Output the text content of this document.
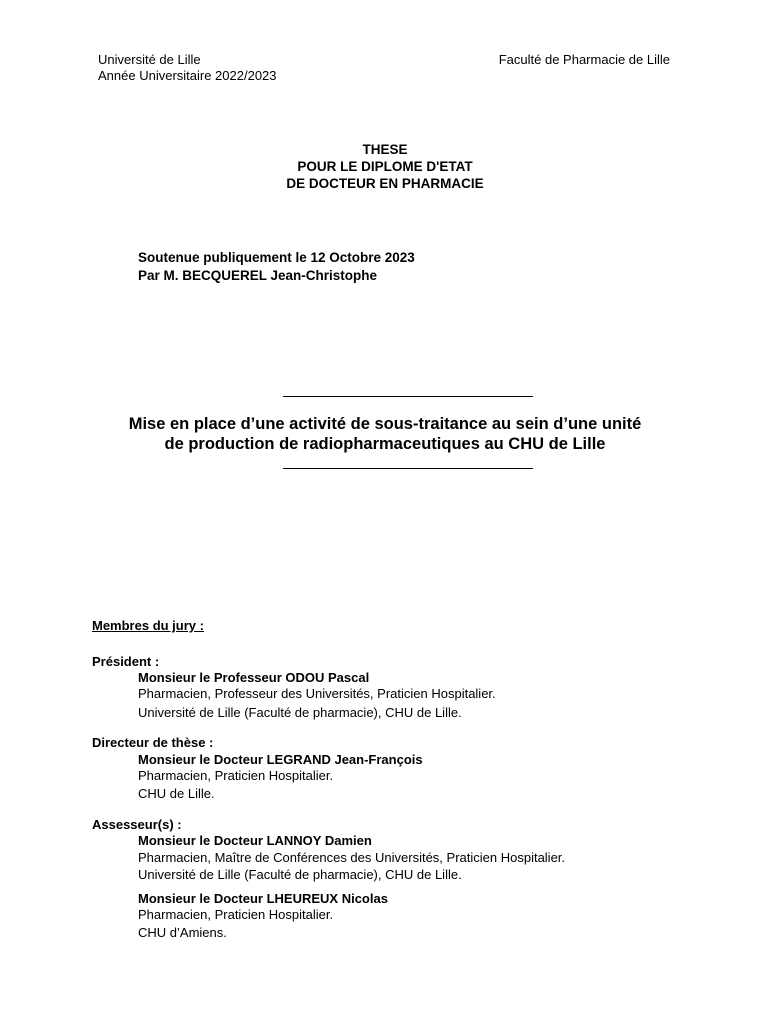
Université de Lille
Année Universitaire 2022/2023
Faculté de Pharmacie de Lille
THESE
POUR LE DIPLOME D'ETAT
DE DOCTEUR EN PHARMACIE
Soutenue publiquement le 12 Octobre 2023
Par M. BECQUEREL Jean-Christophe
Mise en place d’une activité de sous-traitance au sein d’une unité
de production de radiopharmaceutiques au CHU de Lille
Membres du jury :
Président :
Monsieur le Professeur ODOU Pascal
Pharmacien, Professeur des Universités, Praticien Hospitalier.
Université de Lille (Faculté de pharmacie), CHU de Lille.
Directeur de thèse :
Monsieur le Docteur LEGRAND Jean-François
Pharmacien, Praticien Hospitalier.
CHU de Lille.
Assesseur(s) :
Monsieur le Docteur LANNOY Damien
Pharmacien, Maître de Conférences des Universités, Praticien Hospitalier.
Université de Lille (Faculté de pharmacie), CHU de Lille.
Monsieur le Docteur LHEUREUX Nicolas
Pharmacien, Praticien Hospitalier.
CHU d’Amiens.
